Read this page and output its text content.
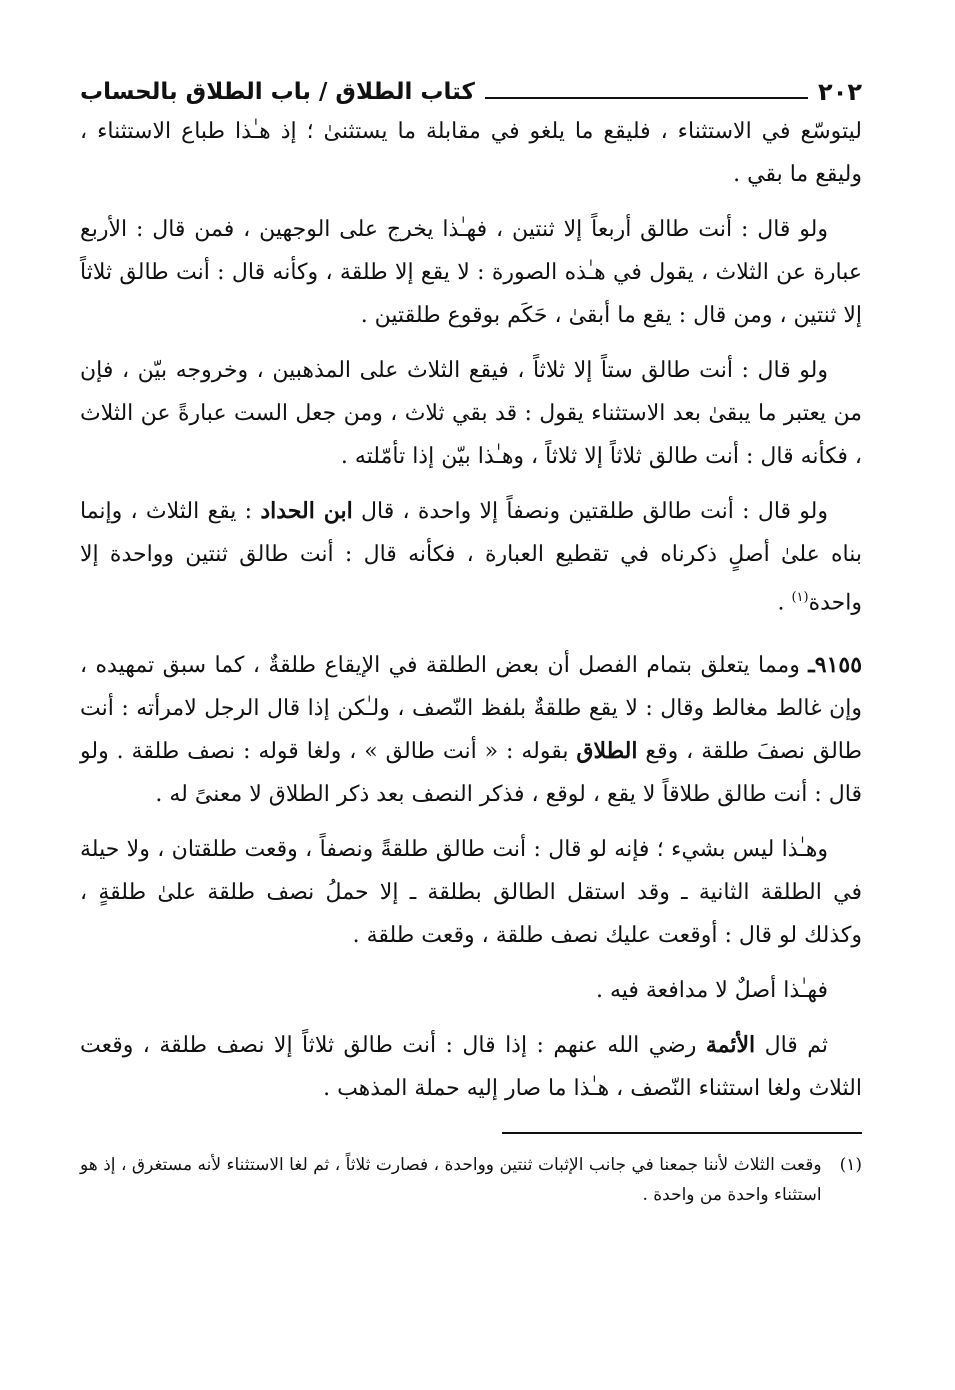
٢٠٢
كتاب الطلاق / باب الطلاق بالحساب

ليتوسّع في الاستثناء ، فليقع ما يلغو في مقابلة ما يستثنىٰ ؛ إذ هـٰذا طباع الاستثناء ، وليقع ما بقي .

ولو قال : أنت طالق أربعاً إلا ثنتين ، فهـٰذا يخرج على الوجهين ، فمن قال : الأربع عبارة عن الثلاث ، يقول في هـٰذه الصورة : لا يقع إلا طلقة ، وكأنه قال : أنت طالق ثلاثاً إلا ثنتين ، ومن قال : يقع ما أبقىٰ ، حَكَم بوقوع طلقتين .

ولو قال : أنت طالق ستاً إلا ثلاثاً ، فيقع الثلاث على المذهبين ، وخروجه بيّن ، فإن من يعتبر ما يبقىٰ بعد الاستثناء يقول : قد بقي ثلاث ، ومن جعل الست عبارةً عن الثلاث ، فكأنه قال : أنت طالق ثلاثاً إلا ثلاثاً ، وهـٰذا بيّن إذا تأمّلته .

ولو قال : أنت طالق طلقتين ونصفاً إلا واحدة ، قال ابن الحداد : يقع الثلاث ، وإنما بناه علىٰ أصلٍ ذكرناه في تقطيع العبارة ، فكأنه قال : أنت طالق ثنتين وواحدة إلا واحدة$^{(١)}$ .

٩١٥٥ـ ومما يتعلق بتمام الفصل أن بعض الطلقة في الإيقاع طلقةٌ ، كما سبق تمهيده ، وإن غالط مغالط وقال : لا يقع طلقةٌ بلفظ النّصف ، ولـٰكن إذا قال الرجل لامرأته : أنت طالق نصفَ طلقة ، وقع الطلاق بقوله : « أنت طالق » ، ولغا قوله : نصف طلقة . ولو قال : أنت طالق طلاقاً لا يقع ، لوقع ، فذكر النصف بعد ذكر الطلاق لا معنىً له .

وهـٰذا ليس بشيء ؛ فإنه لو قال : أنت طالق طلقةً ونصفاً ، وقعت طلقتان ، ولا حيلة في الطلقة الثانية ـ وقد استقل الطالق بطلقة ـ إلا حملُ نصف طلقة علىٰ طلقةٍ ، وكذلك لو قال : أوقعت عليك نصف طلقة ، وقعت طلقة .

فهـٰذا أصلٌ لا مدافعة فيه .

ثم قال الأئمة رضي الله عنهم : إذا قال : أنت طالق ثلاثاً إلا نصف طلقة ، وقعت الثلاث ولغا استثناء النّصف ، هـٰذا ما صار إليه حملة المذهب .

(١)
وقعت الثلاث لأننا جمعنا في جانب الإثبات ثنتين وواحدة ، فصارت ثلاثاً ، ثم لغا الاستثناء لأنه مستغرق ، إذ هو استثناء واحدة من واحدة .
